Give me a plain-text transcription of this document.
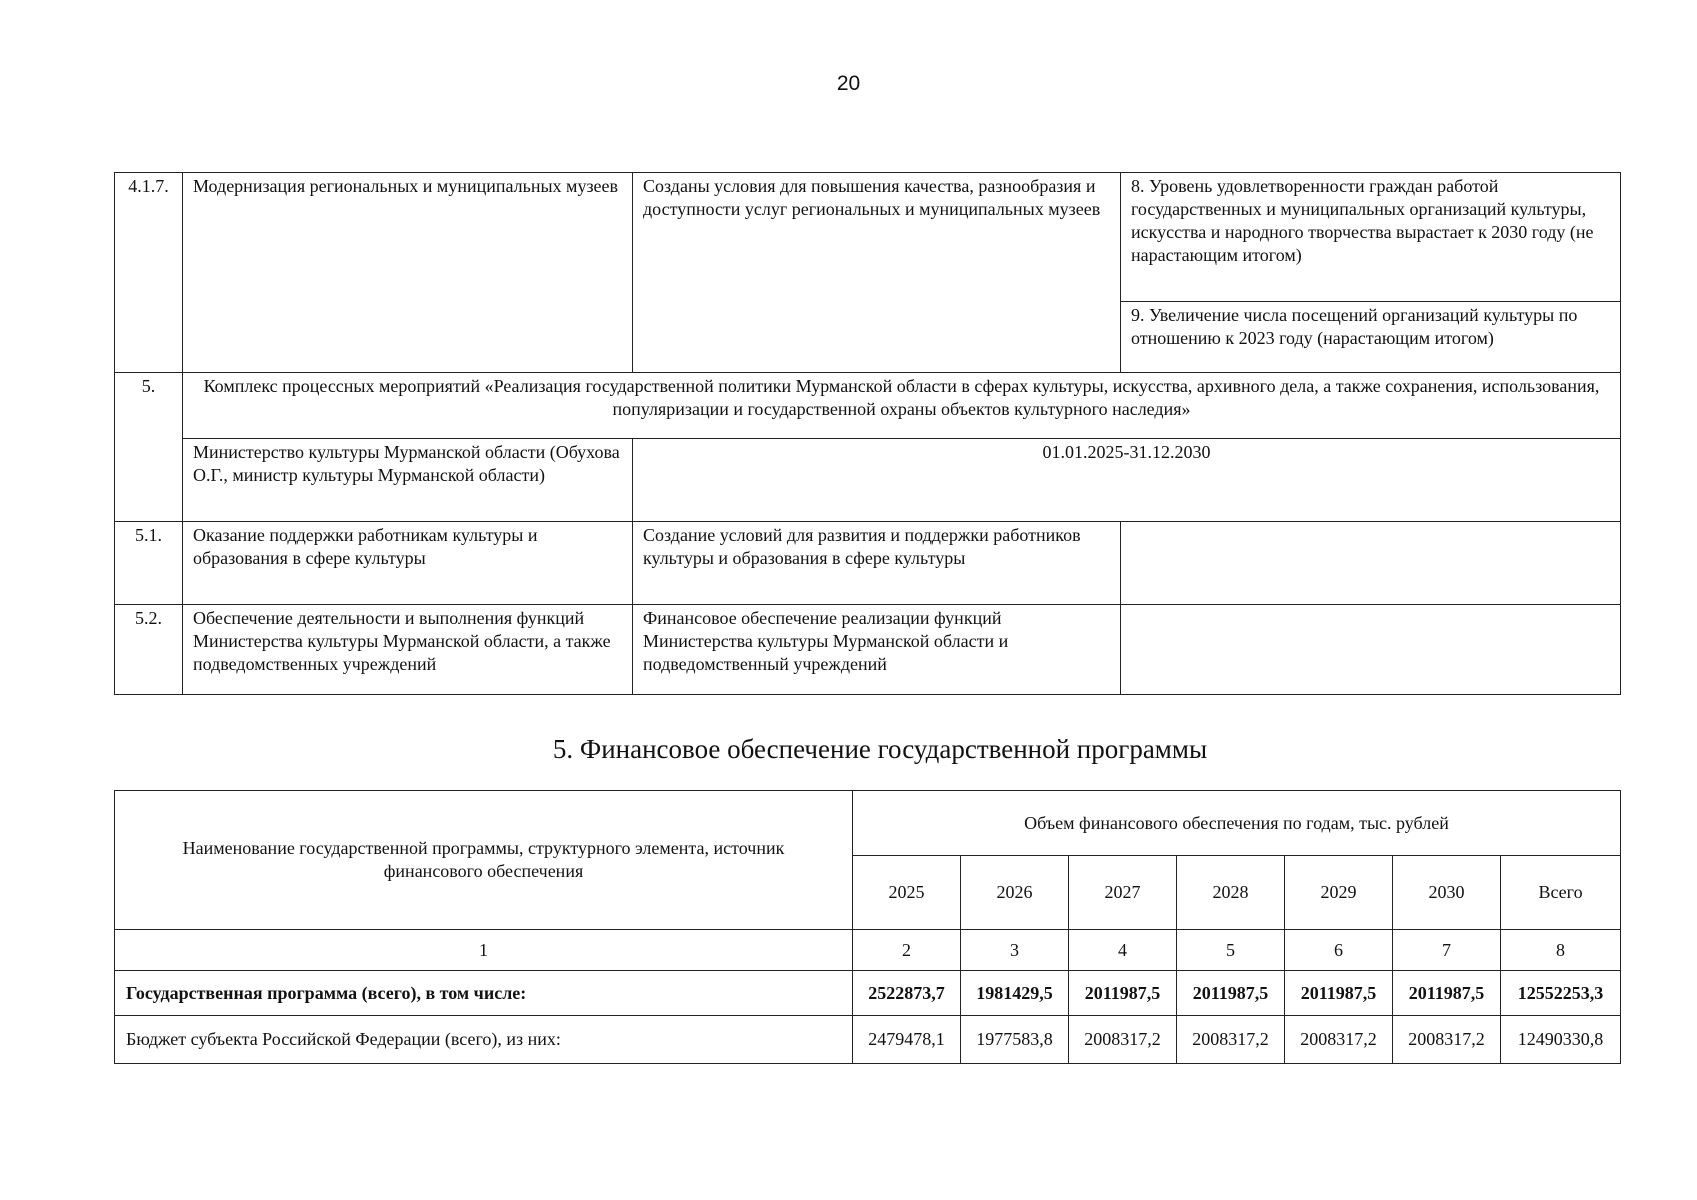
20
4.1.7.	Модернизация региональных и муниципальных музеев	Созданы условия для повышения качества, разнообразия и доступности услуг региональных и муниципальных музеев	8. Уровень удовлетворенности граждан работой государственных и муниципальных организаций культуры, искусства и народного творчества вырастает к 2030 году (не нарастающим итогом)
			9. Увеличение числа посещений организаций культуры по отношению к 2023 году (нарастающим итогом)
5.	Комплекс процессных мероприятий «Реализация государственной политики Мурманской области в сферах культуры, искусства, архивного дела, а также сохранения, использования, популяризации и государственной охраны объектов культурного наследия»		
	Министерство культуры Мурманской области (Обухова О.Г., министр культуры Мурманской области)	01.01.2025-31.12.2030	
5.1.	Оказание поддержки работникам культуры и образования в сфере культуры	Создание условий для развития и поддержки работников культуры и образования в сфере культуры	
5.2.	Обеспечение деятельности и выполнения функций Министерства культуры Мурманской области, а также подведомственных учреждений	Финансовое обеспечение реализации функций Министерства культуры Мурманской области и подведомственный учреждений	
5. Финансовое обеспечение государственной программы
Наименование государственной программы, структурного элемента, источник финансового обеспечения	Объем финансового обеспечения по годам, тыс. рублей						
	2025	2026	2027	2028	2029	2030	Всего
1	2	3	4	5	6	7	8
Государственная программа (всего), в том числе:	2522873,7	1981429,5	2011987,5	2011987,5	2011987,5	2011987,5	12552253,3
Бюджет субъекта Российской Федерации (всего), из них:	2479478,1	1977583,8	2008317,2	2008317,2	2008317,2	2008317,2	12490330,8
